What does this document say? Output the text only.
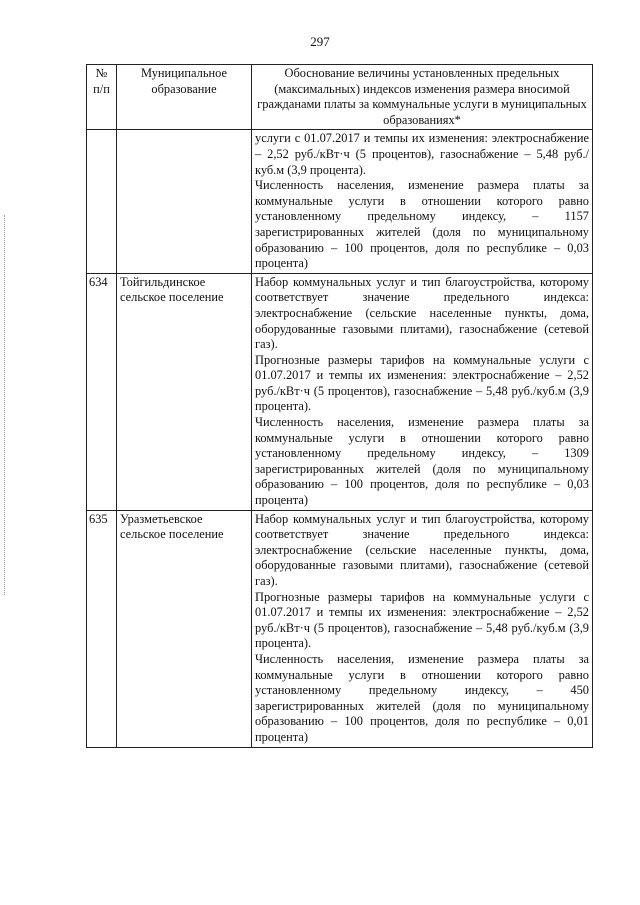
297
№ п/п	Муниципальное образование	Обоснование величины установленных предельных (максимальных) индексов изменения размера вносимой гражданами платы за коммунальные услуги в муниципальных образованиях*

		услуги с 01.07.2017 и темпы их изменения: электроснабжение – 2,52 руб./кВт·ч (5 процентов), газоснабжение – 5,48 руб./куб.м (3,9 процента).

Численность населения, изменение размера платы за коммунальные услуги в отношении которого равно установленному предельному индексу, – 1157 зарегистрированных жителей (доля по муниципальному образованию – 100 процентов, доля по республике – 0,03 процента)

634	Тойгильдинское сельское поселение	Набор коммунальных услуг и тип благоустройства, которому соответствует значение предельного индекса: электроснабжение (сельские населенные пункты, дома, оборудованные газовыми плитами), газоснабжение (сетевой газ).

Прогнозные размеры тарифов на коммунальные услуги с 01.07.2017 и темпы их изменения: электроснабжение – 2,52 руб./кВт·ч (5 процентов), газоснабжение – 5,48 руб./куб.м (3,9 процента).

Численность населения, изменение размера платы за коммунальные услуги в отношении которого равно установленному предельному индексу, – 1309 зарегистрированных жителей (доля по муниципальному образованию – 100 процентов, доля по республике – 0,03 процента)

635	Уразметьевское сельское поселение	Набор коммунальных услуг и тип благоустройства, которому соответствует значение предельного индекса: электроснабжение (сельские населенные пункты, дома, оборудованные газовыми плитами), газоснабжение (сетевой газ).

Прогнозные размеры тарифов на коммунальные услуги с 01.07.2017 и темпы их изменения: электроснабжение – 2,52 руб./кВт·ч (5 процентов), газоснабжение – 5,48 руб./куб.м (3,9 процента).

Численность населения, изменение размера платы за коммунальные услуги в отношении которого равно установленному предельному индексу, – 450 зарегистрированных жителей (доля по муниципальному образованию – 100 процентов, доля по республике – 0,01 процента)
